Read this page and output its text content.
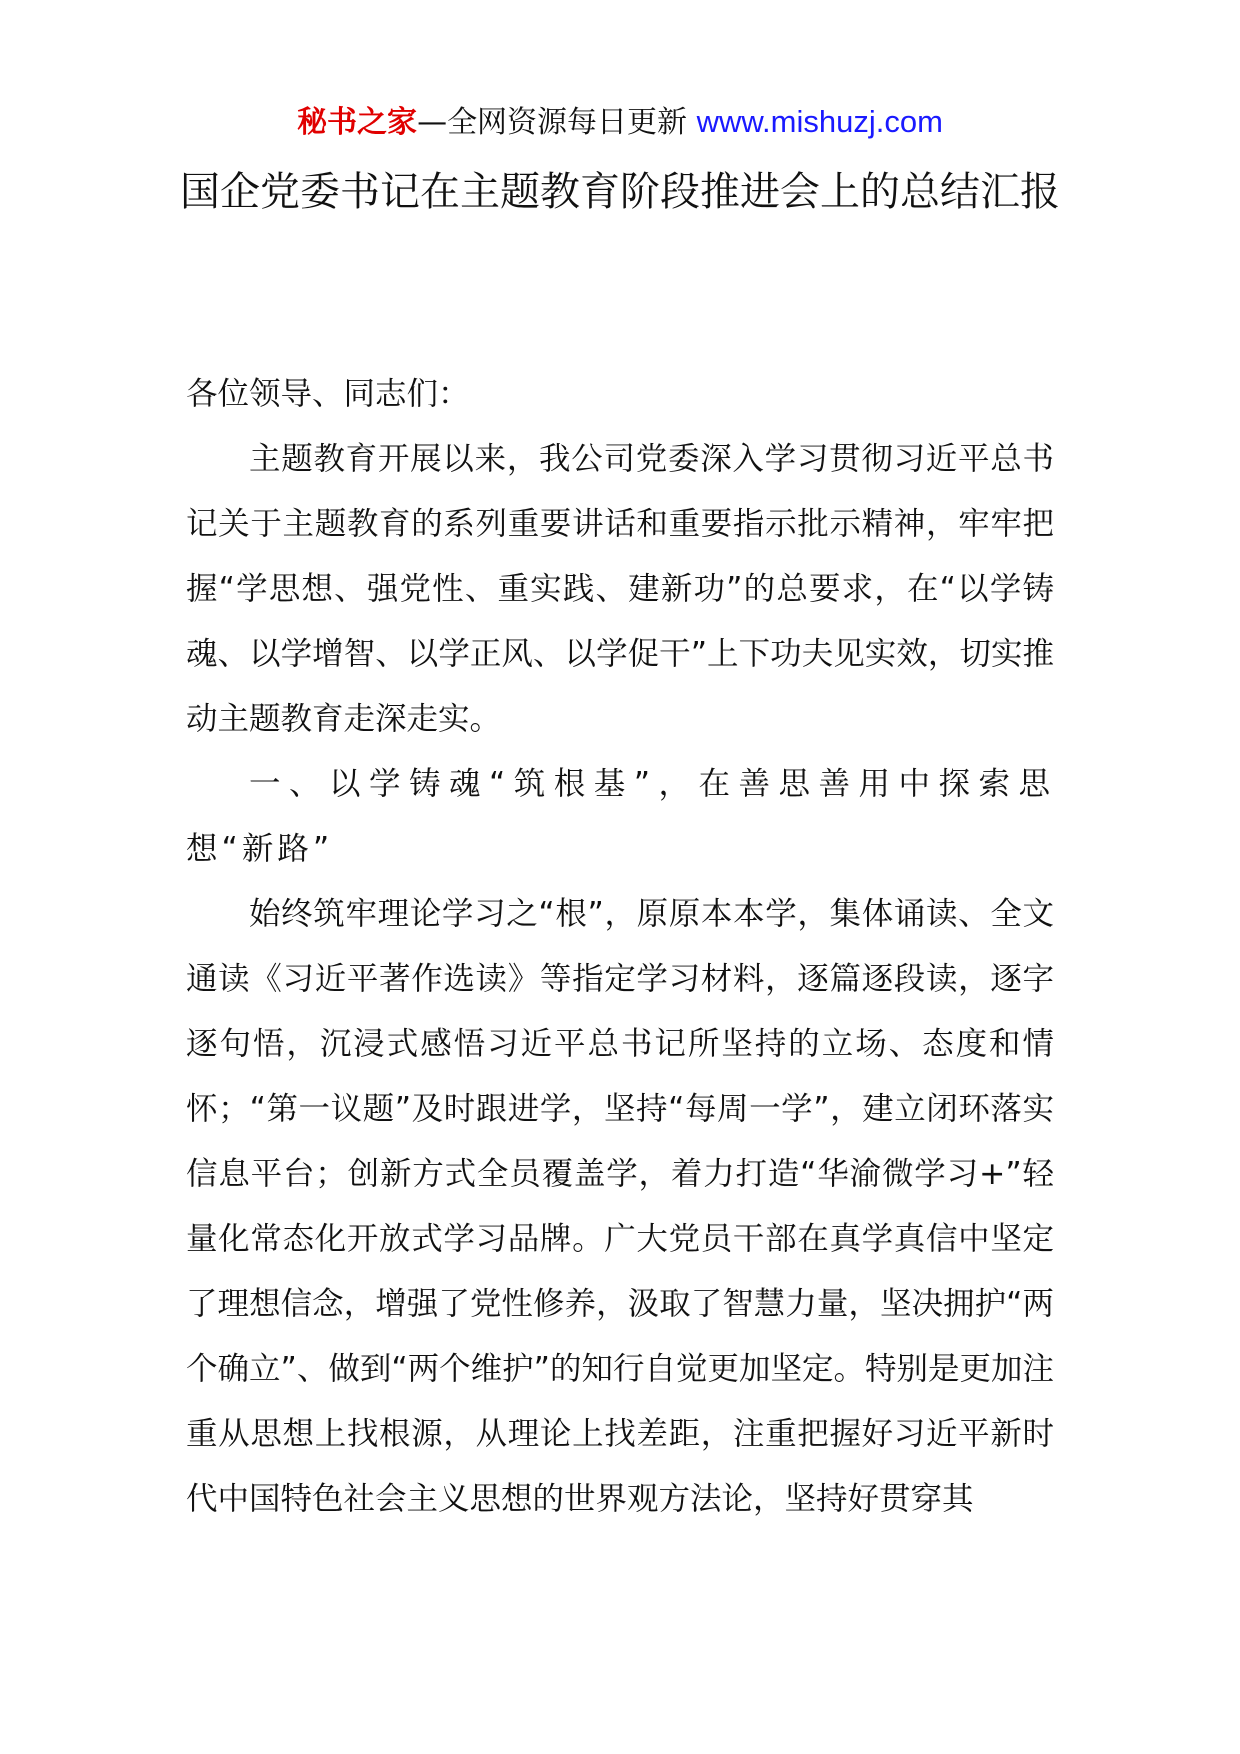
秘书之家—全网资源每日更新 www.mishuzj.com
国企党委书记在主题教育阶段推进会上的总结汇报

各位领导、同志们：

主题教育开展以来，我公司党委深入学习贯彻习近平总书记关于主题教育的系列重要讲话和重要指示批示精神，牢牢把握“学思想、强党性、重实践、建新功”的总要求，在“以学铸魂、以学增智、以学正风、以学促干”上下功夫见实效，切实推动主题教育走深走实。

一、以学铸魂“筑根基”，在善思善用中探索思想“新路”

始终筑牢理论学习之“根”，原原本本学，集体诵读、全文通读《习近平著作选读》等指定学习材料，逐篇逐段读，逐字逐句悟，沉浸式感悟习近平总书记所坚持的立场、态度和情怀；“第一议题”及时跟进学，坚持“每周一学”，建立闭环落实信息平台；创新方式全员覆盖学，着力打造“华渝微学习+”轻量化常态化开放式学习品牌。广大党员干部在真学真信中坚定了理想信念，增强了党性修养，汲取了智慧力量，坚决拥护“两个确立”、做到“两个维护”的知行自觉更加坚定。特别是更加注重从思想上找根源，从理论上找差距，注重把握好习近平新时代中国特色社会主义思想的世界观方法论，坚持好贯穿其
